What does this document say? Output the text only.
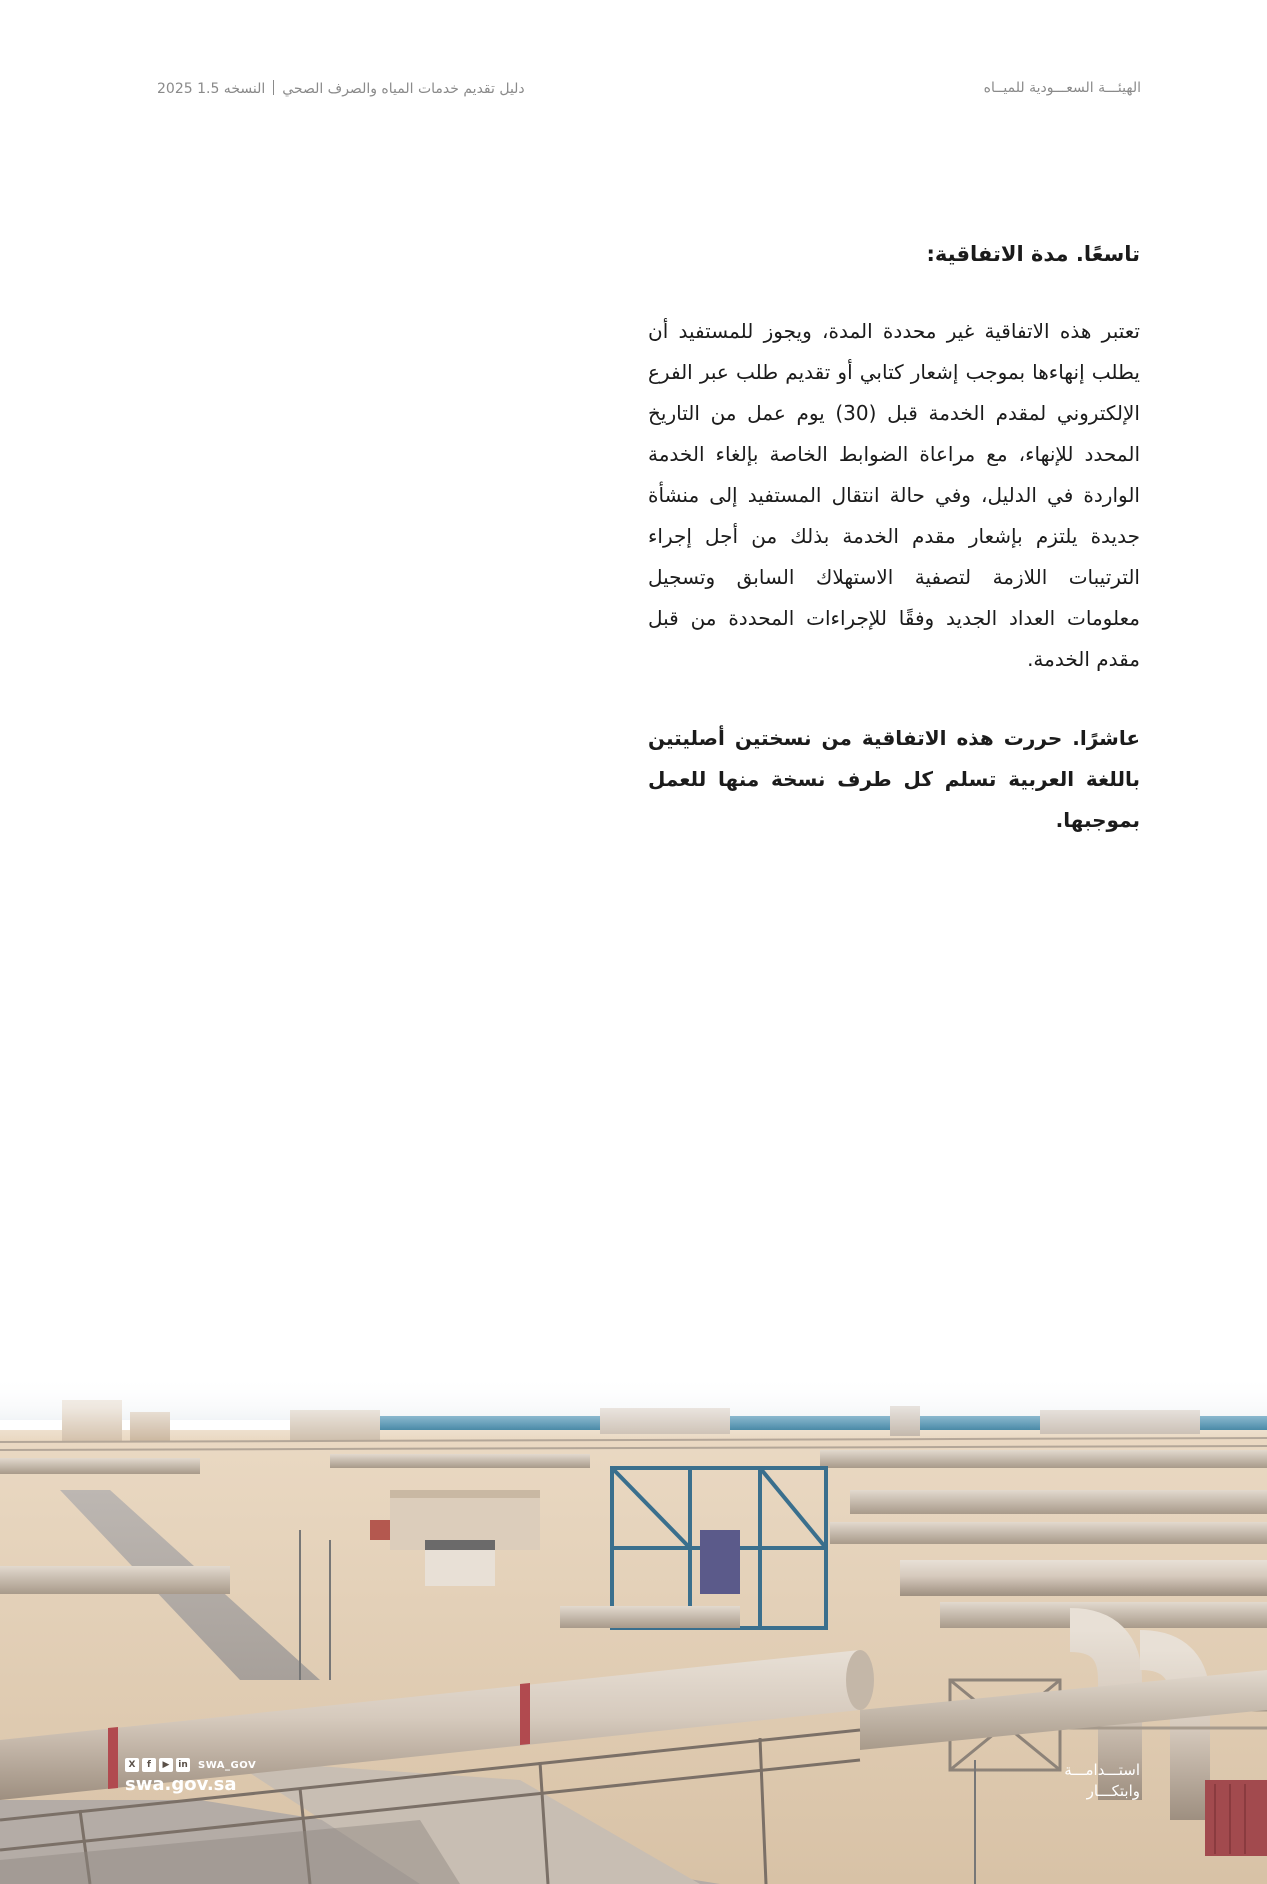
دليل تقديم خدمات المياه والصرف الصحيالنسخه 1.5 2025	الهيئـــة السعـــودية للميــاه

تاسعًا. مدة الاتفاقية:

تعتبر هذه الاتفاقية غير محددة المدة، ويجوز للمستفيد أن يطلب إنهاءها بموجب إشعار كتابي أو تقديم طلب عبر الفرع الإلكتروني لمقدم الخدمة قبل (30) يوم عمل من التاريخ المحدد للإنهاء، مع مراعاة الضوابط الخاصة بإلغاء الخدمة الواردة في الدليل، وفي حالة انتقال المستفيد إلى منشأة جديدة يلتزم بإشعار مقدم الخدمة بذلك من أجل إجراء الترتيبات اللازمة لتصفية الاستهلاك السابق وتسجيل معلومات العداد الجديد وفقًا للإجراءات المحددة من قبل مقدم الخدمة.

عاشرًا. حررت هذه الاتفاقية من نسختين أصليتين باللغة العربية تسلم كل طرف نسخة منها للعمل بموجبها.

X	f	▶ in SWA_GOV
swa.gov.sa
استـــدامـــة
وابتكـــار
